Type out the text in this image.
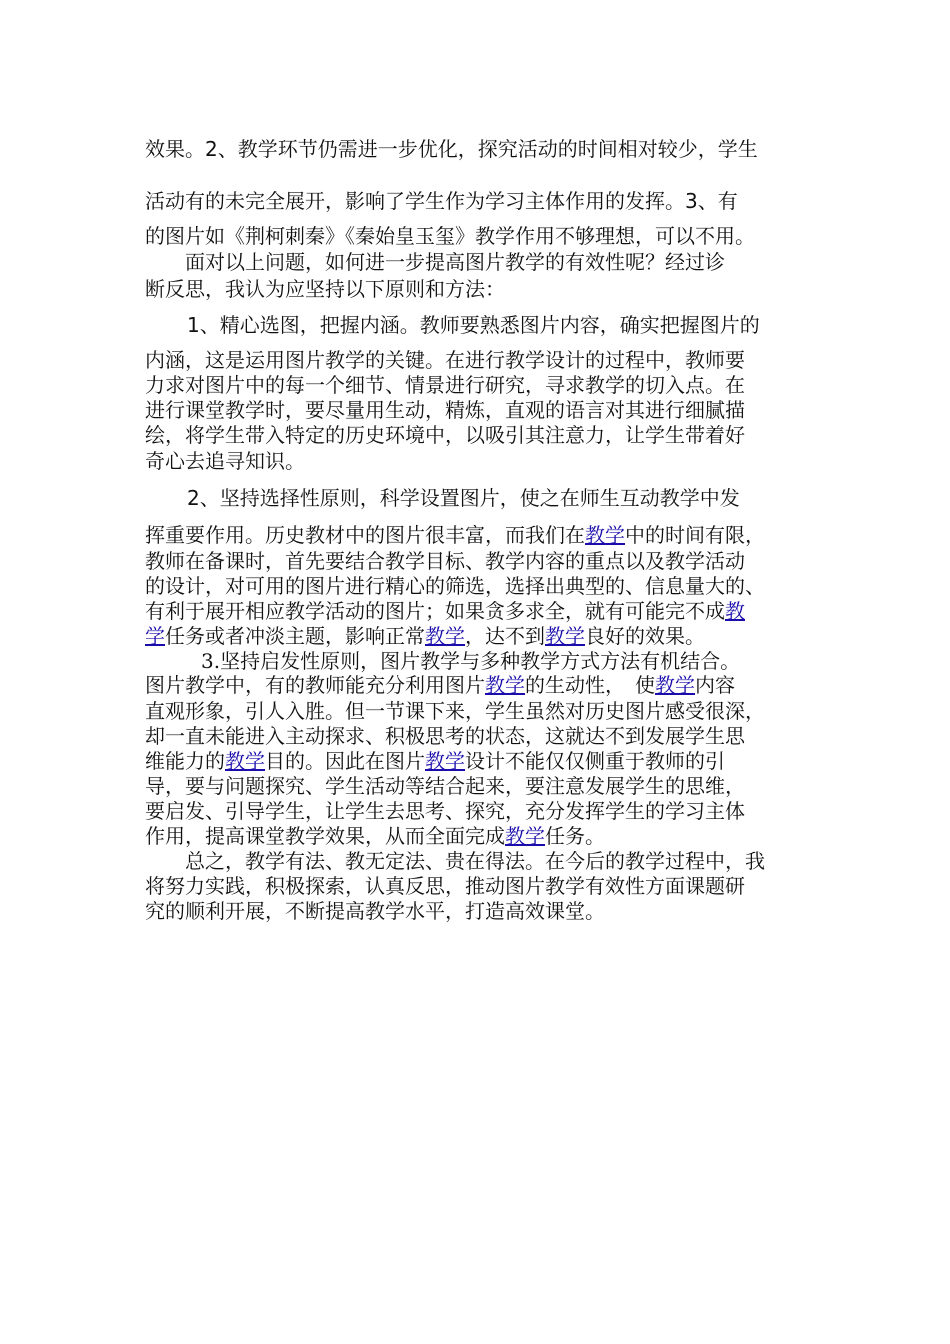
效果。2、教学环节仍需进一步优化，探究活动的时间相对较少，学生
活动有的未完全展开，影响了学生作为学习主体作用的发挥。3、有
的图片如《荆柯刺秦》《秦始皇玉玺》教学作用不够理想，可以不用。
面对以上问题，如何进一步提高图片教学的有效性呢？经过诊
断反思，我认为应坚持以下原则和方法：
1、精心选图，把握内涵。教师要熟悉图片内容，确实把握图片的
内涵，这是运用图片教学的关键。在进行教学设计的过程中，教师要
力求对图片中的每一个细节、情景进行研究，寻求教学的切入点。在
进行课堂教学时，要尽量用生动，精炼，直观的语言对其进行细腻描
绘，将学生带入特定的历史环境中，以吸引其注意力，让学生带着好
奇心去追寻知识。
2、坚持选择性原则，科学设置图片，使之在师生互动教学中发
挥重要作用。历史教材中的图片很丰富，而我们在教学中的时间有限，
教师在备课时，首先要结合教学目标、教学内容的重点以及教学活动
的设计，对可用的图片进行精心的筛选，选择出典型的、信息量大的、
有利于展开相应教学活动的图片；如果贪多求全，就有可能完不成教
学任务或者冲淡主题，影响正常教学，达不到教学良好的效果。
3.坚持启发性原则，图片教学与多种教学方式方法有机结合。
图片教学中，有的教师能充分利用图片教学的生动性，　使教学内容
直观形象，引人入胜。但一节课下来，学生虽然对历史图片感受很深，
却一直未能进入主动探求、积极思考的状态，这就达不到发展学生思
维能力的教学目的。因此在图片教学设计不能仅仅侧重于教师的引
导，要与问题探究、学生活动等结合起来，要注意发展学生的思维，
要启发、引导学生，让学生去思考、探究，充分发挥学生的学习主体
作用，提高课堂教学效果，从而全面完成教学任务。
总之，教学有法、教无定法、贵在得法。在今后的教学过程中，我
将努力实践，积极探索，认真反思，推动图片教学有效性方面课题研
究的顺利开展，不断提高教学水平，打造高效课堂。
